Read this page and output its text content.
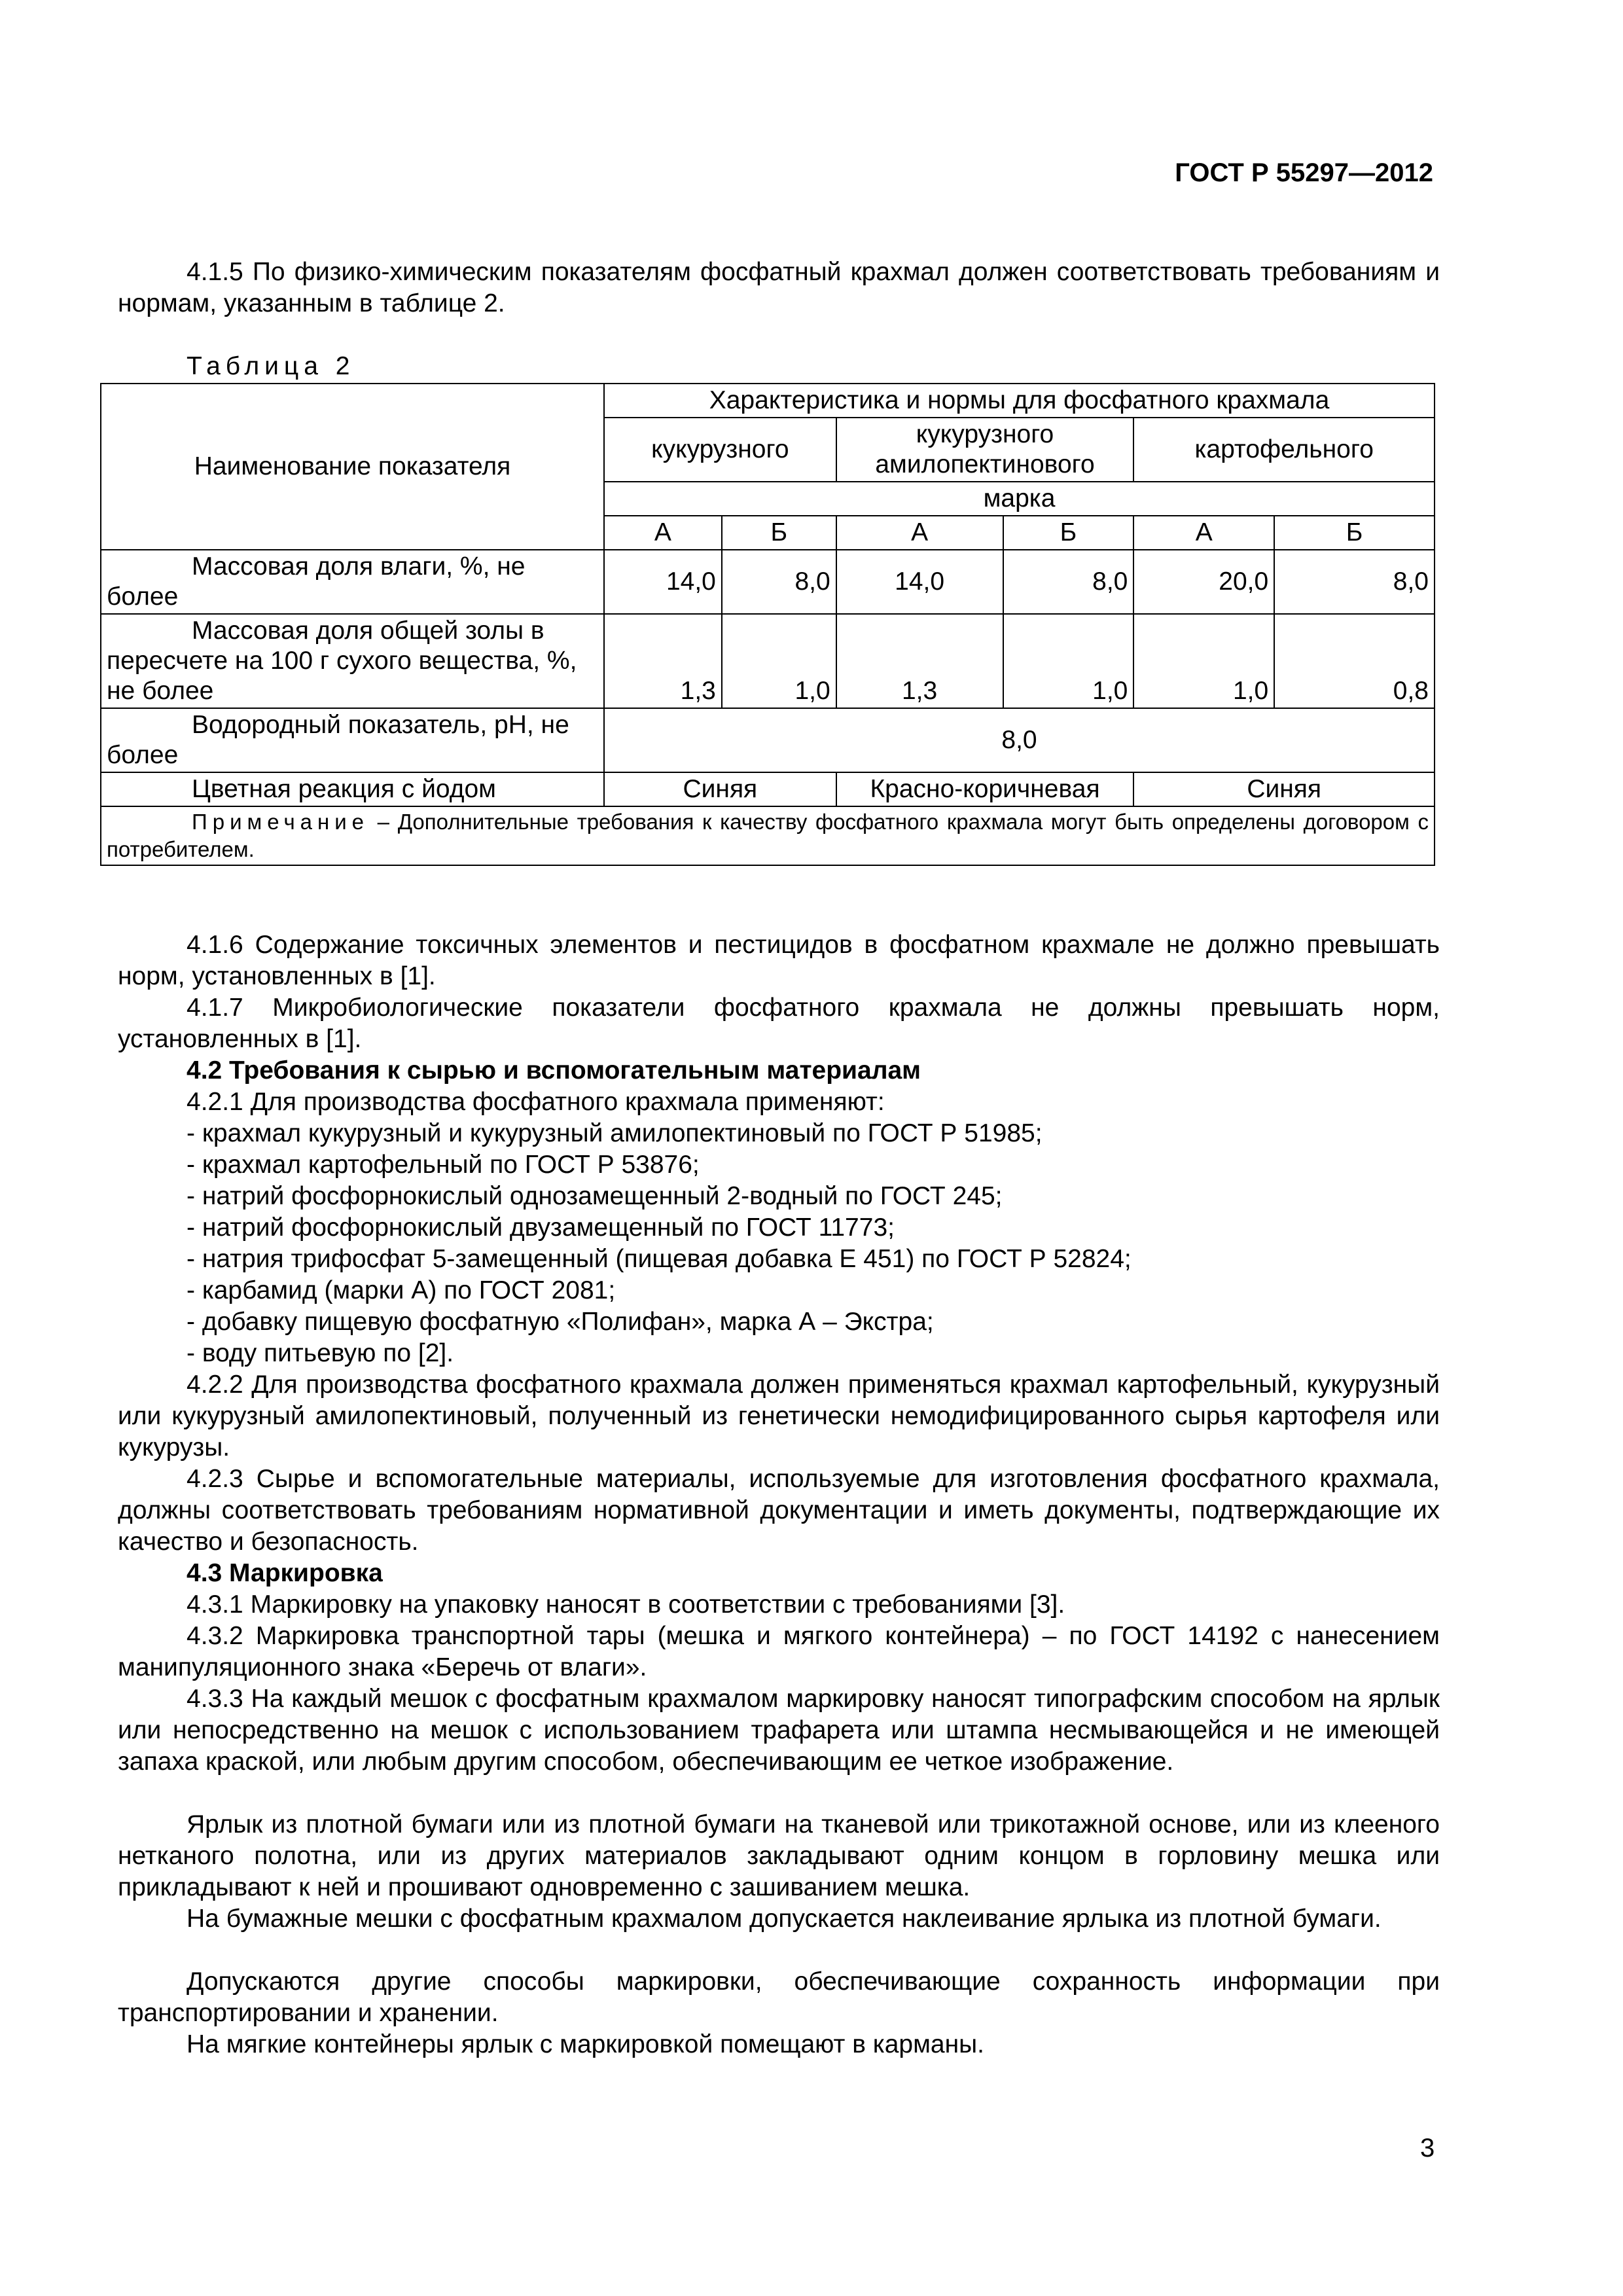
ГОСТ Р 55297—2012

4.1.5 По физико-химическим показателям фосфатный крахмал должен соответствовать требованиям и нормам, указанным в таблице 2.

Таблица 2
Наименование показателя	Характеристика и нормы для фосфатного крахмала					
	кукурузного		кукурузного амилопектинового		картофельного	
	марка					
	А	Б	А	Б	А	Б
Массовая доля влаги, %, не более	14,0	8,0	14,0	8,0	20,0	8,0
Массовая доля общей золы в пересчете на 100 г сухого вещества, %, не более	1,3	1,0	1,3	1,0	1,0	0,8
Водородный показатель, рН, не более	8,0					
Цветная реакция с йодом	Синяя		Красно-коричневая		Синяя	
Примечание – Дополнительные требования к качеству фосфатного крахмала могут быть определены договором с потребителем.						

4.1.6 Содержание токсичных элементов и пестицидов в фосфатном крахмале не должно превышать норм, установленных в [1].

4.1.7 Микробиологические показатели фосфатного крахмала не должны превышать норм, установленных в [1].

4.2 Требования к сырью и вспомогательным материалам

4.2.1 Для производства фосфатного крахмала применяют:

- крахмал кукурузный и кукурузный амилопектиновый по ГОСТ Р 51985;

- крахмал картофельный по ГОСТ Р 53876;

- натрий фосфорнокислый однозамещенный 2-водный по ГОСТ 245;

- натрий фосфорнокислый двузамещенный по ГОСТ 11773;

- натрия трифосфат 5-замещенный (пищевая добавка Е 451) по ГОСТ Р 52824;

- карбамид (марки А) по ГОСТ 2081;

- добавку пищевую фосфатную «Полифан», марка А – Экстра;

- воду питьевую по [2].

4.2.2 Для производства фосфатного крахмала должен применяться крахмал картофельный, кукурузный или кукурузный амилопектиновый, полученный из генетически немодифицированного сырья картофеля или кукурузы.

4.2.3 Сырье и вспомогательные материалы, используемые для изготовления фосфатного крахмала, должны соответствовать требованиям нормативной документации и иметь документы, подтверждающие их качество и безопасность.

4.3 Маркировка

4.3.1 Маркировку на упаковку наносят в соответствии с требованиями [3].

4.3.2 Маркировка транспортной тары (мешка и мягкого контейнера) – по ГОСТ 14192 с нанесением манипуляционного знака «Беречь от влаги».

4.3.3 На каждый мешок с фосфатным крахмалом маркировку наносят типографским способом на ярлык или непосредственно на мешок с использованием трафарета или штампа несмывающейся и не имеющей запаха краской, или любым другим способом, обеспечивающим ее четкое изображение.

Ярлык из плотной бумаги или из плотной бумаги на тканевой или трикотажной основе, или из клееного нетканого полотна, или из других материалов закладывают одним концом в горловину мешка или прикладывают к ней и прошивают одновременно с зашиванием мешка.

На бумажные мешки с фосфатным крахмалом допускается наклеивание ярлыка из плотной бумаги.

Допускаются другие способы маркировки, обеспечивающие сохранность информации при транспортировании и хранении.

На мягкие контейнеры ярлык с маркировкой помещают в карманы.

3
